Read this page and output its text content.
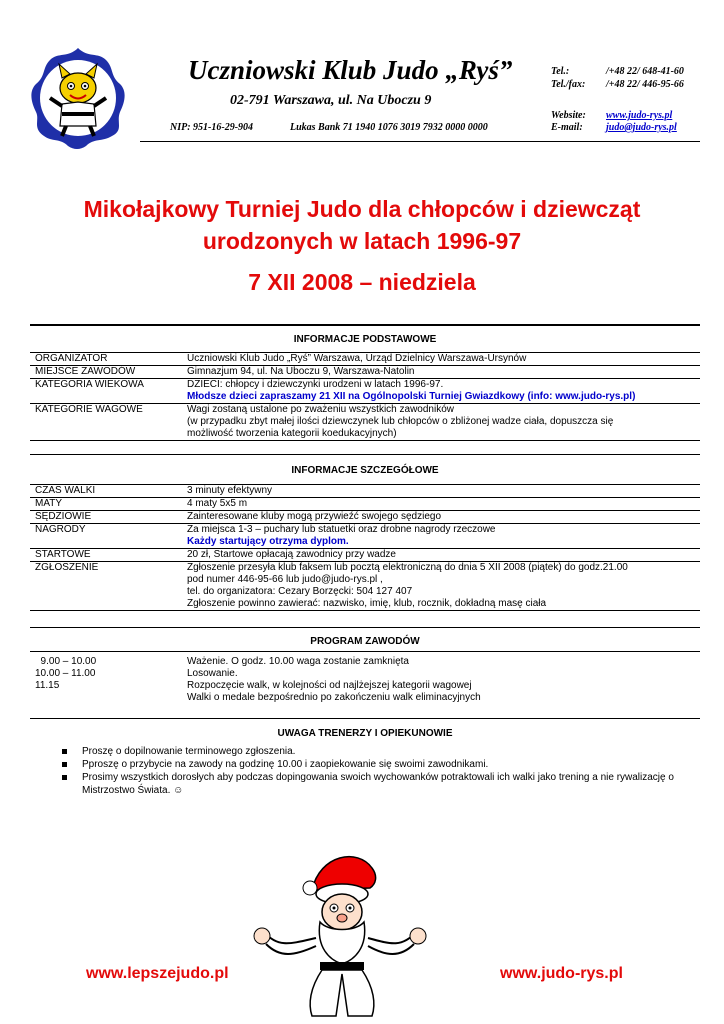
Uczniowski Klub Judo „Ryś”
02-791 Warszawa, ul. Na Uboczu 9
NIP: 951-16-29-904	Lukas Bank 71 1940 1076 3019 7932 0000 0000
Tel.:	/+48 22/ 648-41-60
Tel./fax: /+48 22/ 446-95-66
Website: www.judo-rys.pl
E-mail: judo@judo-rys.pl
Mikołajkowy Turniej Judo dla chłopców i dziewcząt
urodzonych w latach 1996-97
7 XII 2008 – niedziela
INFORMACJE PODSTAWOWE
ORGANIZATOR	Uczniowski Klub Judo „Ryś” Warszawa, Urząd Dzielnicy Warszawa-Ursynów
MIEJSCE ZAWODÓW	Gimnazjum 94, ul. Na Uboczu 9, Warszawa-Natolin
KATEGORIA WIEKOWA	DZIECI: chłopcy i dziewczynki urodzeni w latach 1996-97.
Młodsze dzieci zapraszamy 21 XII na Ogólnopolski Turniej Gwiazdkowy (info: www.judo-rys.pl)
KATEGORIE WAGOWE	Wagi zostaną ustalone po zważeniu wszystkich zawodników
(w przypadku zbyt małej ilości dziewczynek lub chłopców o zbliżonej wadze ciała, dopuszcza się
możliwość tworzenia kategorii koedukacyjnych)
INFORMACJE SZCZEGÓŁOWE
CZAS WALKI	3 minuty efektywny
MATY	4 maty 5x5 m
SĘDZIOWIE	Zainteresowane kluby mogą przywieźć swojego sędziego
NAGRODY	Za miejsca 1-3 – puchary lub statuetki oraz drobne nagrody rzeczowe
Każdy startujący otrzyma dyplom.
STARTOWE	20 zł, Startowe opłacają zawodnicy przy wadze
ZGŁOSZENIE	Zgłoszenie przesyła klub faksem lub pocztą elektroniczną do dnia 5 XII 2008 (piątek) do godz.21.00
pod numer 446-95-66 lub judo@judo-rys.pl ,
tel. do organizatora: Cezary Borzęcki: 504 127 407
Zgłoszenie powinno zawierać: nazwisko, imię, klub, rocznik, dokładną masę ciała
PROGRAM ZAWODÓW
9.00 – 10.00	Ważenie. O godz. 10.00 waga zostanie zamknięta
10.00 – 11.00	Losowanie.
11.15	Rozpoczęcie walk, w kolejności od najlżejszej kategorii wagowej
Walki o medale bezpośrednio po zakończeniu walk eliminacyjnych
UWAGA TRENERZY I OPIEKUNOWIE
Proszę o dopilnowanie terminowego zgłoszenia.
Pproszę o przybycie na zawody na godzinę 10.00 i zaopiekowanie się swoimi zawodnikami.
Prosimy wszystkich dorosłych aby podczas dopingowania swoich wychowanków potraktowali ich walki jako trening a nie rywalizację o Mistrzostwo Świata. ☺
www.lepszejudo.pl	www.judo-rys.pl
